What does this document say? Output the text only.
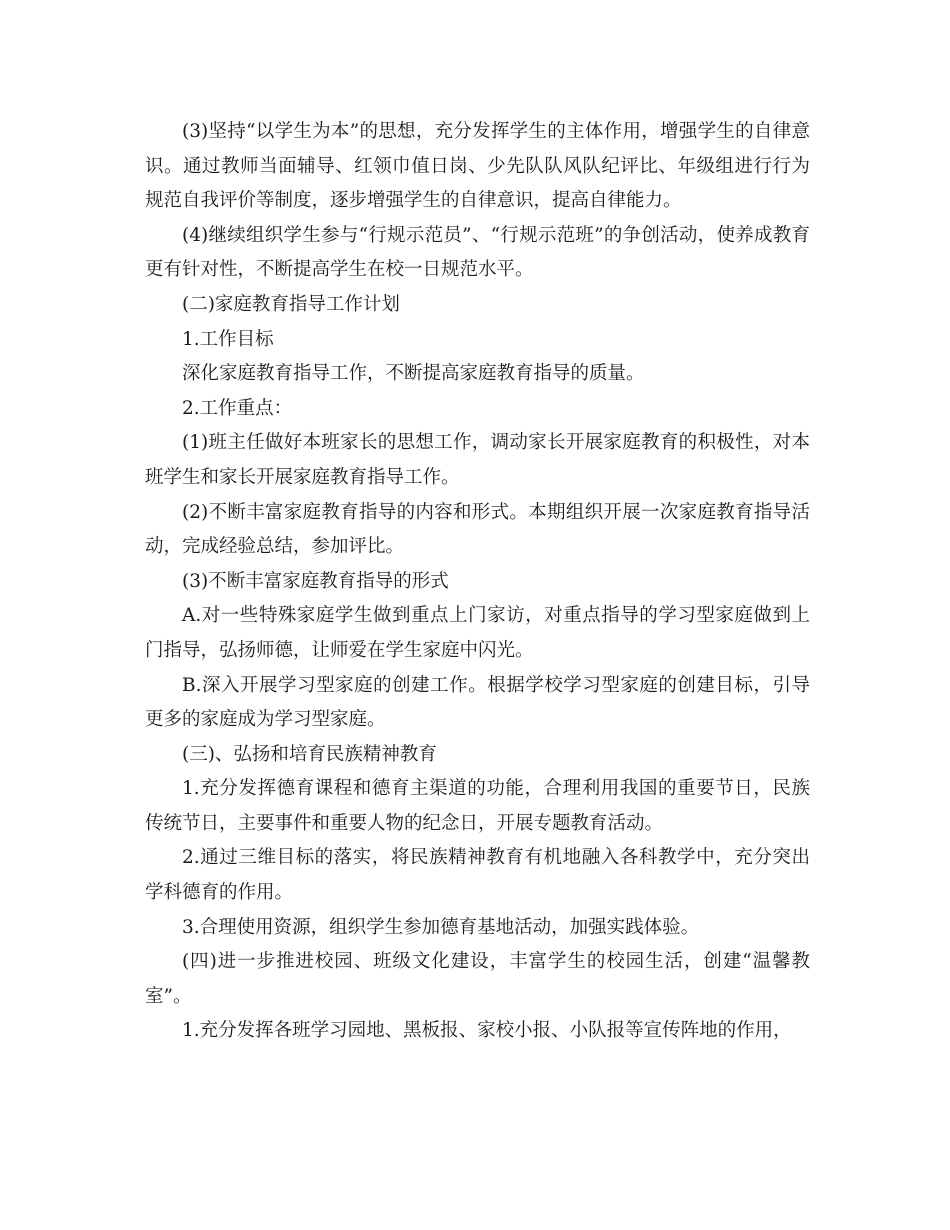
(3)坚持“以学生为本”的思想，充分发挥学生的主体作用，增强学生的自律意识。通过教师当面辅导、红领巾值日岗、少先队队风队纪评比、年级组进行行为规范自我评价等制度，逐步增强学生的自律意识，提高自律能力。

(4)继续组织学生参与“行规示范员”、“行规示范班”的争创活动，使养成教育更有针对性，不断提高学生在校一日规范水平。

(二)家庭教育指导工作计划

1.工作目标

深化家庭教育指导工作，不断提高家庭教育指导的质量。

2.工作重点：

(1)班主任做好本班家长的思想工作，调动家长开展家庭教育的积极性，对本班学生和家长开展家庭教育指导工作。

(2)不断丰富家庭教育指导的内容和形式。本期组织开展一次家庭教育指导活动，完成经验总结，参加评比。

(3)不断丰富家庭教育指导的形式

A.对一些特殊家庭学生做到重点上门家访，对重点指导的学习型家庭做到上门指导，弘扬师德，让师爱在学生家庭中闪光。

B.深入开展学习型家庭的创建工作。根据学校学习型家庭的创建目标，引导更多的家庭成为学习型家庭。

(三)、弘扬和培育民族精神教育

1.充分发挥德育课程和德育主渠道的功能，合理利用我国的重要节日，民族传统节日，主要事件和重要人物的纪念日，开展专题教育活动。

2.通过三维目标的落实，将民族精神教育有机地融入各科教学中，充分突出学科德育的作用。

3.合理使用资源，组织学生参加德育基地活动，加强实践体验。

(四)进一步推进校园、班级文化建设，丰富学生的校园生活，创建“温馨教室”。

1.充分发挥各班学习园地、黑板报、家校小报、小队报等宣传阵地的作用，
